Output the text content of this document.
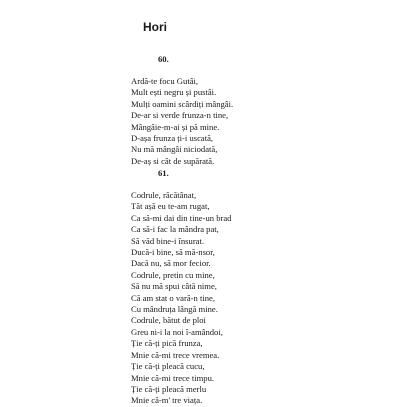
Hori
60.
Ardă-te focu Gutâi,
Mult ești negru și pustâi.
Mulți oamini scârdiți mângâi.
De-ar si verde frunza-n tine,
Mângâie-m-ai și pă mine.
D-așa frunza ți-i uscată,
Nu mă mângâi niciodată,
De-aș si cât de supărată.
61.
Codrule, răcătânat,
Tăt așă eu te-am rugat,
Ca să-mi dai din tine-un brad
Ca să-i fac la mândra pat,
Să văd bine-i însurat.
Ducă-i bine, să mă-nsor,
Dacă nu, să mor fecior.
Codrule, pretin cu mine,
Să nu mă spui câtă nime,
Că am stat o vară-n tine,
Cu mândruța lângă mine.
Codrule, bătut de ploi
Greu ni-i la noi î-amândoi,
Ție că-ți pică frunza,
Mnie că-mi trece vremea.
Ție că-ți pleacă cucu,
Mnie că-mi trece timpu.
Ție că-ți pleacă merlu
Mnie că-m' tre viața.
